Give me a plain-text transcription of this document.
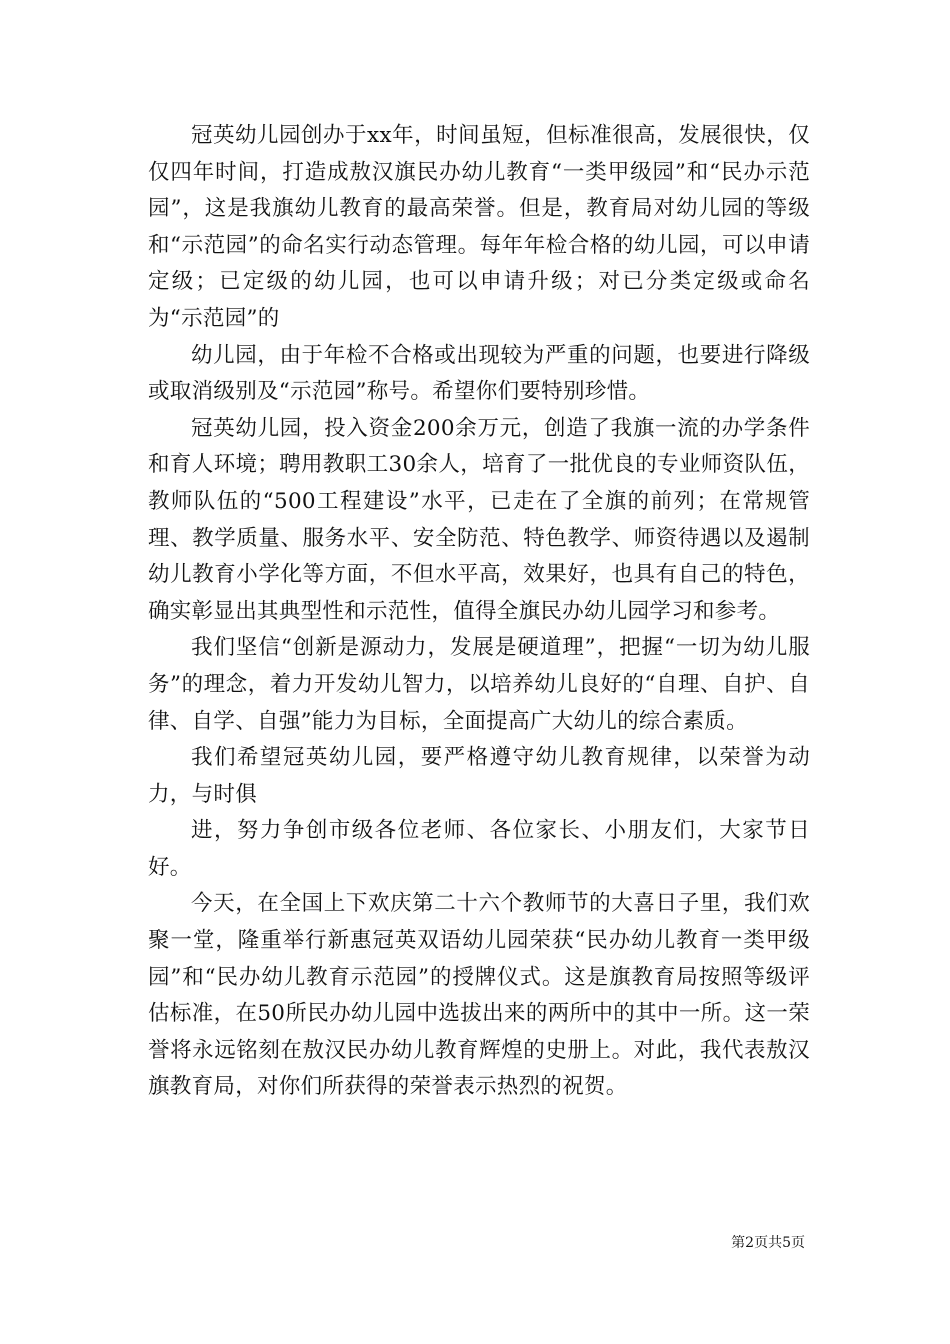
冠英幼儿园创办于xx年，时间虽短，但标准很高，发展很快，仅仅四年时间，打造成敖汉旗民办幼儿教育“一类甲级园”和“民办示范园”，这是我旗幼儿教育的最高荣誉。但是，教育局对幼儿园的等级和“示范园”的命名实行动态管理。每年年检合格的幼儿园，可以申请定级；已定级的幼儿园，也可以申请升级；对已分类定级或命名为“示范园”的

幼儿园，由于年检不合格或出现较为严重的问题，也要进行降级或取消级别及“示范园”称号。希望你们要特别珍惜。

冠英幼儿园，投入资金200余万元，创造了我旗一流的办学条件和育人环境；聘用教职工30余人，培育了一批优良的专业师资队伍，教师队伍的“500工程建设”水平，已走在了全旗的前列；在常规管理、教学质量、服务水平、安全防范、特色教学、师资待遇以及遏制幼儿教育小学化等方面，不但水平高，效果好，也具有自己的特色，确实彰显出其典型性和示范性，值得全旗民办幼儿园学习和参考。

我们坚信“创新是源动力，发展是硬道理”，把握“一切为幼儿服务”的理念，着力开发幼儿智力，以培养幼儿良好的“自理、自护、自律、自学、自强”能力为目标，全面提高广大幼儿的综合素质。

我们希望冠英幼儿园，要严格遵守幼儿教育规律，以荣誉为动力，与时俱

进，努力争创市级各位老师、各位家长、小朋友们，大家节日好。

今天，在全国上下欢庆第二十六个教师节的大喜日子里，我们欢聚一堂，隆重举行新惠冠英双语幼儿园荣获“民办幼儿教育一类甲级园”和“民办幼儿教育示范园”的授牌仪式。这是旗教育局按照等级评估标准，在50所民办幼儿园中选拔出来的两所中的其中一所。这一荣誉将永远铭刻在敖汉民办幼儿教育辉煌的史册上。对此，我代表敖汉旗教育局，对你们所获得的荣誉表示热烈的祝贺。

第2页共5页
